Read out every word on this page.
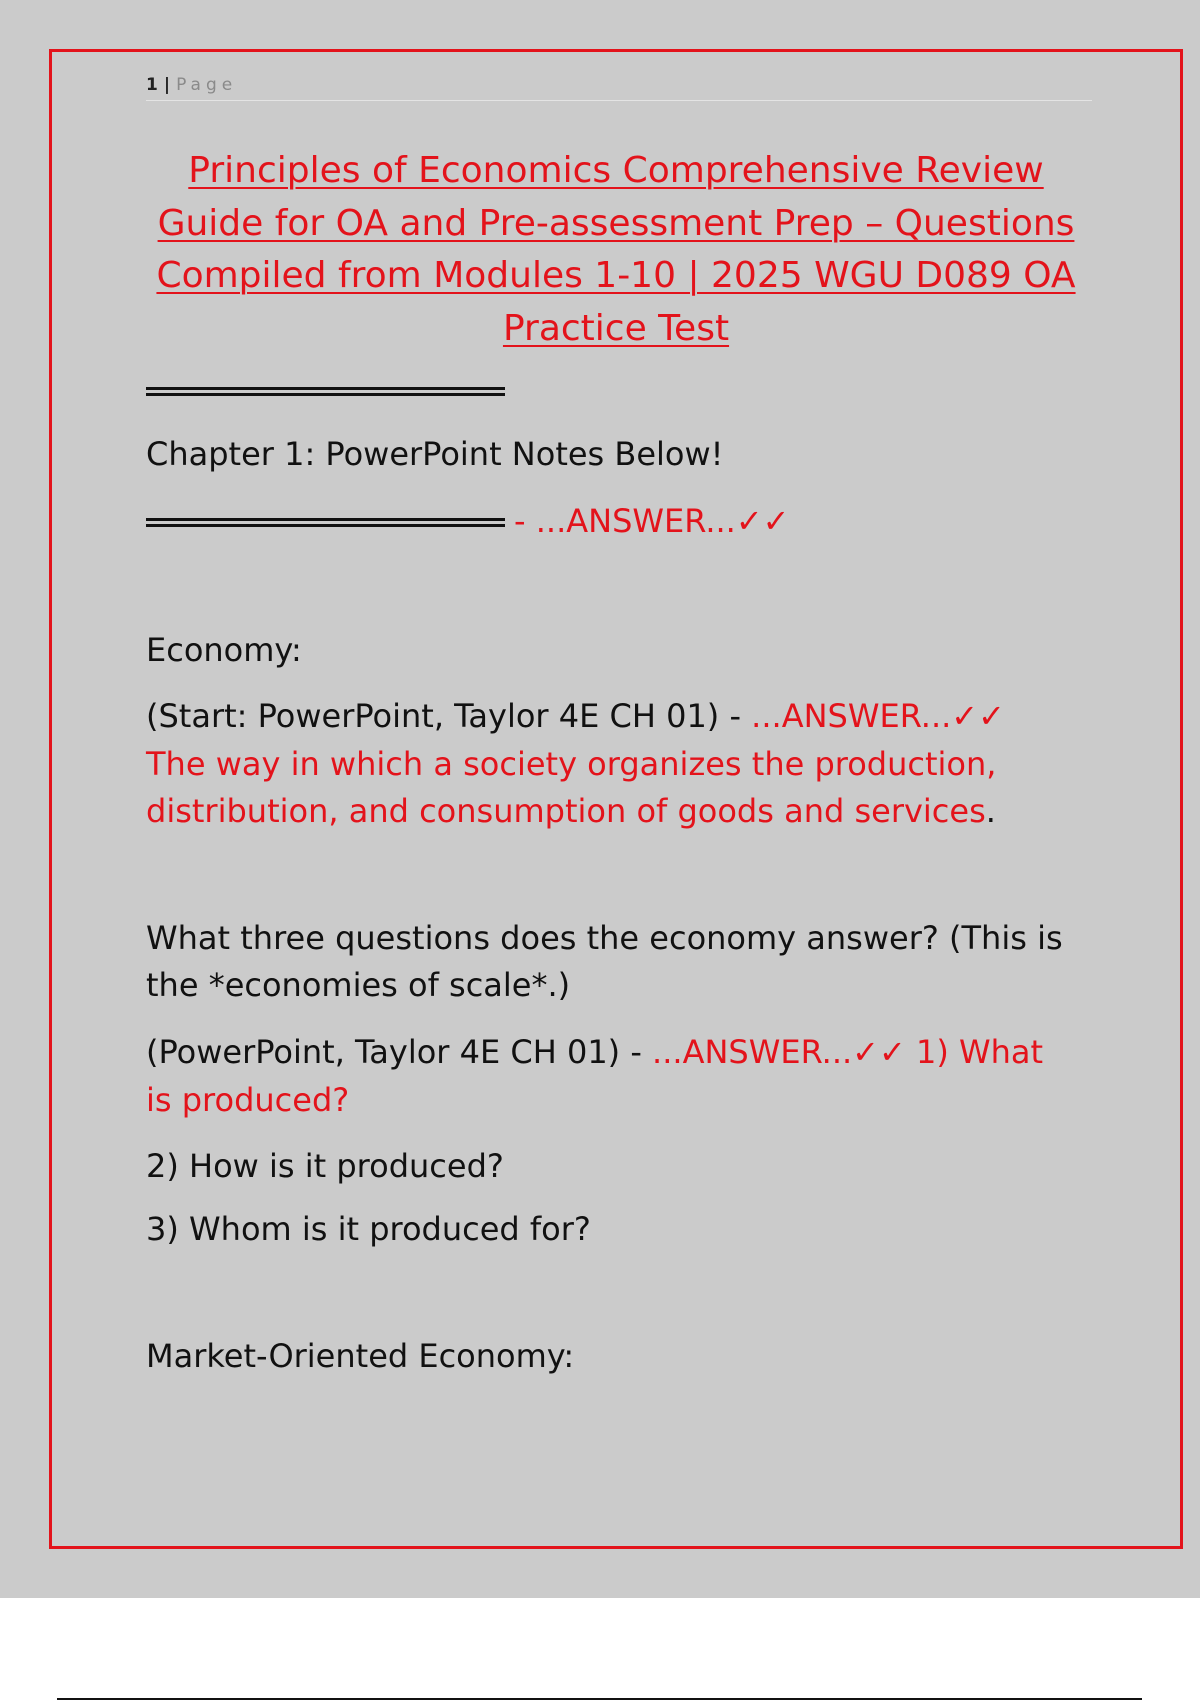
1 | Page
Principles of Economics Comprehensive Review Guide for OA and Pre-assessment Prep – Questions Compiled from Modules 1-10 | 2025 WGU D089 OA Practice Test

Chapter 1: PowerPoint Notes Below!

- ...ANSWER...✓✓

Economy:

(Start: PowerPoint, Taylor 4E CH 01) - ...ANSWER...✓✓

The way in which a society organizes the production,

distribution, and consumption of goods and services.

What three questions does the economy answer? (This is

the *economies of scale*.)

(PowerPoint, Taylor 4E CH 01) - ...ANSWER...✓✓ 1) What

is produced?

2) How is it produced?

3) Whom is it produced for?

Market-Oriented Economy:
